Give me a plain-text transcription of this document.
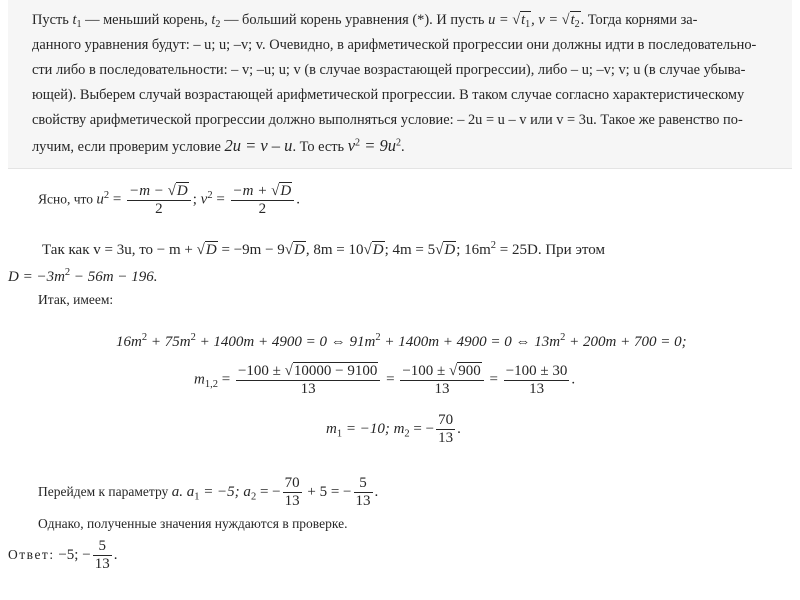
Пусть $t_1$ — меньший корень, $t_2$ — больший корень уравнения (*). И пусть $u = √t_1$, $v = √t_2$. Тогда корнями за-
данного уравнения будут: – u; u; –v; v. Очевидно, в арифметической прогрессии они должны идти в последовательно-
сти либо в последовательности: – v; –u; u; v (в случае возрастающей прогрессии), либо – u; –v; v; u (в случае убыва-
ющей). Выберем случай возрастающей арифметической прогрессии. В таком случае согласно характеристическому
свойству арифметической прогрессии должно выполняться условие: – 2u = u – v или v = 3u. Такое же равенство по-
лучим, если проверим условие 2u = v – u. То есть $v^2 = 9u^2$.
Ясно, что $u^2 = \frac{-m - √D}{2}$ ; $v^2 = \frac{-m + √D}{2}$ .
Так как v = 3u, то − m + √D = −9m − 9√D, 8m = 10√D; 4m = 5√D; $16m^2 = 25D$. При этом
$D = -3m^2 - 56m - 196$.
Итак, имеем:
$16m^2 + 75m^2 + 1400m + 4900 = 0$ ⇔ $91m^2 + 1400m + 4900 = 0$ ⇔ $13m^2 + 200m + 700 = 0$;
$m_{1,2} = \frac{-100 \pm √10000 - 9100}{13} = \frac{-100 \pm √900}{13} = \frac{-100 \pm 30}{13}$ .
$m_1 = -10$; $m_2$ = − $\frac{70}{13}$ .
Перейдем к параметру a. $a_1 = -5$; $a_2$ = − $\frac{70}{13} + 5$ = − $\frac{5}{13}$ .
Однако, полученные значения нуждаются в проверке.
Ответ: −5; − $\frac{5}{13}$ .
